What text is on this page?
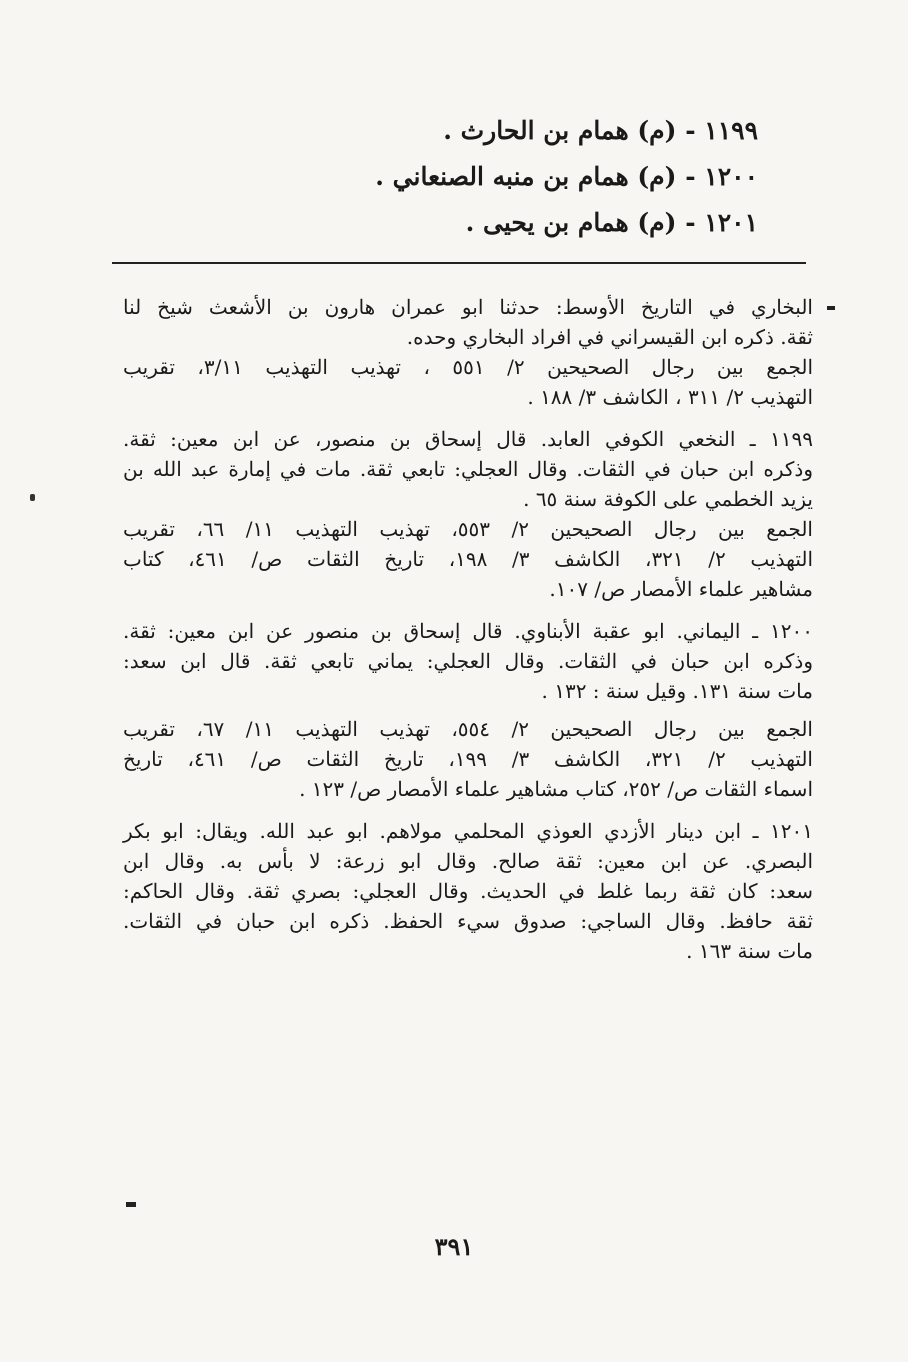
١١٩٩ - (م) همام بن الحارث .
١٢٠٠ - (م) همام بن منبه الصنعاني .
١٢٠١ - (م) همام بن يحيى .
البخاري في التاريخ الأوسط: حدثنا ابو عمران هارون بن الأشعث شيخ لنا
ثقة. ذكره ابن القيسراني في افراد البخاري وحده.
الجمع بين رجال الصحيحين ٢/ ٥٥١ ، تهذيب التهذيب ٣/١١، تقريب
التهذيب ٢/ ٣١١ ، الكاشف ٣/ ١٨٨ .
١١٩٩ ـ النخعي الكوفي العابد. قال إسحاق بن منصور، عن ابن معين: ثقة.
وذكره ابن حبان في الثقات. وقال العجلي: تابعي ثقة. مات في إمارة عبد الله بن
يزيد الخطمي على الكوفة سنة ٦٥ .
الجمع بين رجال الصحيحين ٢/ ٥٥٣، تهذيب التهذيب ١١/ ٦٦، تقريب
التهذيب ٢/ ٣٢١، الكاشف ٣/ ١٩٨، تاريخ الثقات ص/ ٤٦١، كتاب
مشاهير علماء الأمصار ص/ ١٠٧.
١٢٠٠ ـ اليماني. ابو عقبة الأبناوي. قال إسحاق بن منصور عن ابن معين: ثقة.
وذكره ابن حبان في الثقات. وقال العجلي: يماني تابعي ثقة. قال ابن سعد:
مات سنة ١٣١. وقيل سنة : ١٣٢ .
الجمع بين رجال الصحيحين ٢/ ٥٥٤، تهذيب التهذيب ١١/ ٦٧، تقريب
التهذيب ٢/ ٣٢١، الكاشف ٣/ ١٩٩، تاريخ الثقات ص/ ٤٦١، تاريخ
اسماء الثقات ص/ ٢٥٢، كتاب مشاهير علماء الأمصار ص/ ١٢٣ .
١٢٠١ ـ ابن دينار الأزدي العوذي المحلمي مولاهم. ابو عبد الله. ويقال: ابو بكر
البصري. عن ابن معين: ثقة صالح. وقال ابو زرعة: لا بأس به. وقال ابن
سعد: كان ثقة ربما غلط في الحديث. وقال العجلي: بصري ثقة. وقال الحاكم:
ثقة حافظ. وقال الساجي: صدوق سيء الحفظ. ذكره ابن حبان في الثقات.
مات سنة ١٦٣ .
٣٩١
